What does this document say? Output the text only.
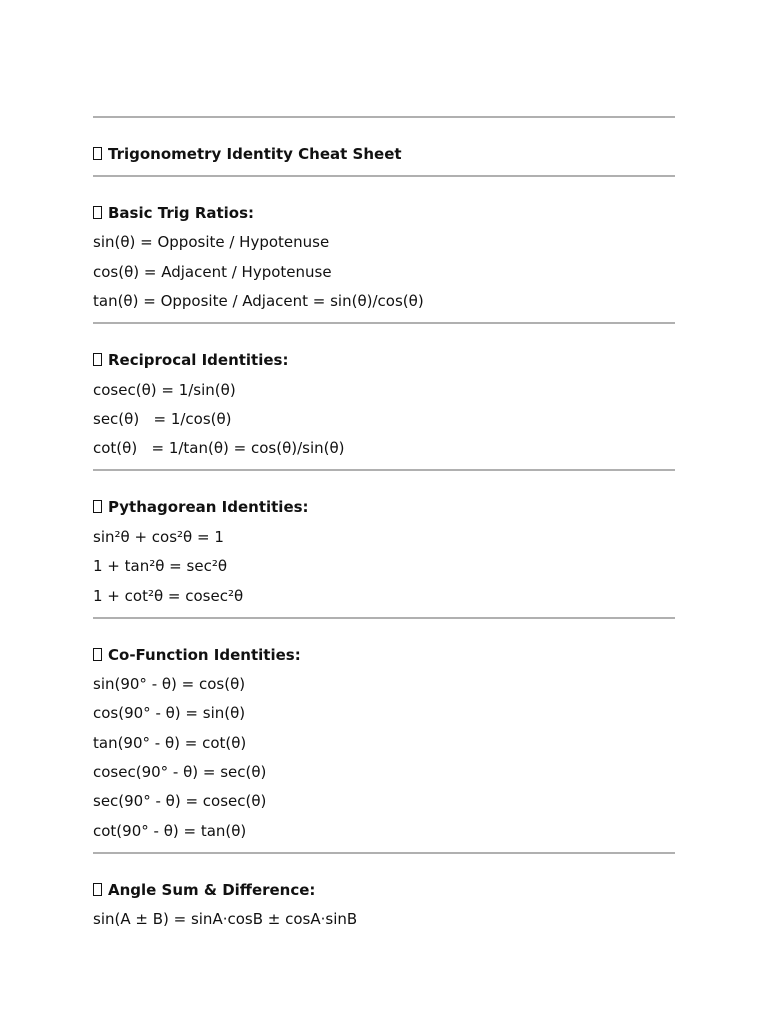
Trigonometry Identity Cheat Sheet
Basic Trig Ratios:
sin(θ) = Opposite / Hypotenuse
cos(θ) = Adjacent / Hypotenuse
tan(θ) = Opposite / Adjacent = sin(θ)/cos(θ)
Reciprocal Identities:
cosec(θ) = 1/sin(θ)
sec(θ)   = 1/cos(θ)
cot(θ)   = 1/tan(θ) = cos(θ)/sin(θ)
Pythagorean Identities:
sin²θ + cos²θ = 1
1 + tan²θ = sec²θ
1 + cot²θ = cosec²θ
Co-Function Identities:
sin(90° - θ) = cos(θ)
cos(90° - θ) = sin(θ)
tan(90° - θ) = cot(θ)
cosec(90° - θ) = sec(θ)
sec(90° - θ) = cosec(θ)
cot(90° - θ) = tan(θ)
Angle Sum & Difference:
sin(A ± B) = sinA·cosB ± cosA·sinB
